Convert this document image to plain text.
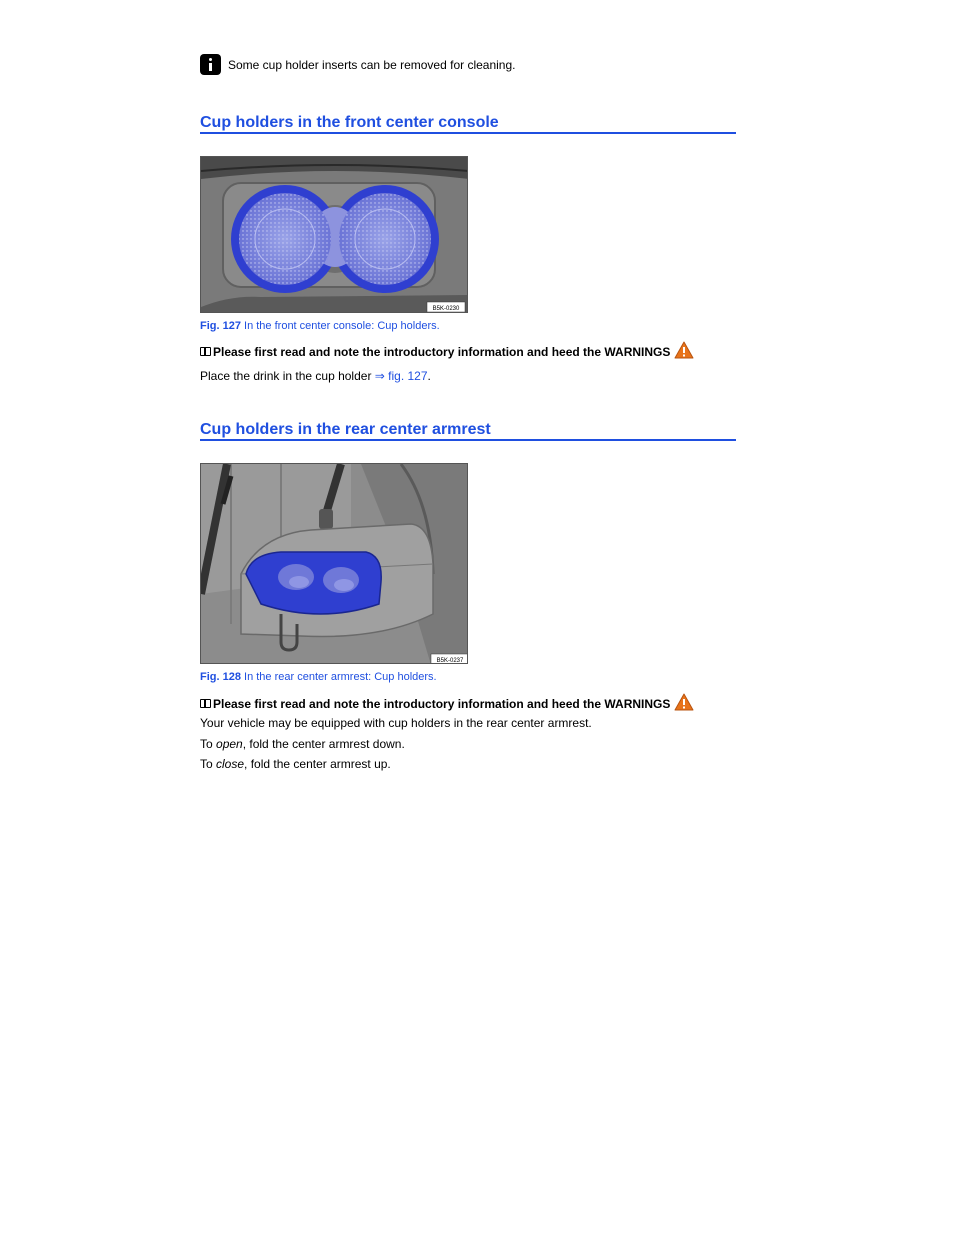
Some cup holder inserts can be removed for cleaning.
Cup holders in the front center console
B5K-0230
Fig. 127 In the front center console: Cup holders.
Please first read and note the introductory information and heed the WARNINGS
Place the drink in the cup holder ⇒ fig. 127.
Cup holders in the rear center armrest
B5K-0237
Fig. 128 In the rear center armrest: Cup holders.
Please first read and note the introductory information and heed the WARNINGS
Your vehicle may be equipped with cup holders in the rear center armrest.
To open, fold the center armrest down.
To close, fold the center armrest up.
